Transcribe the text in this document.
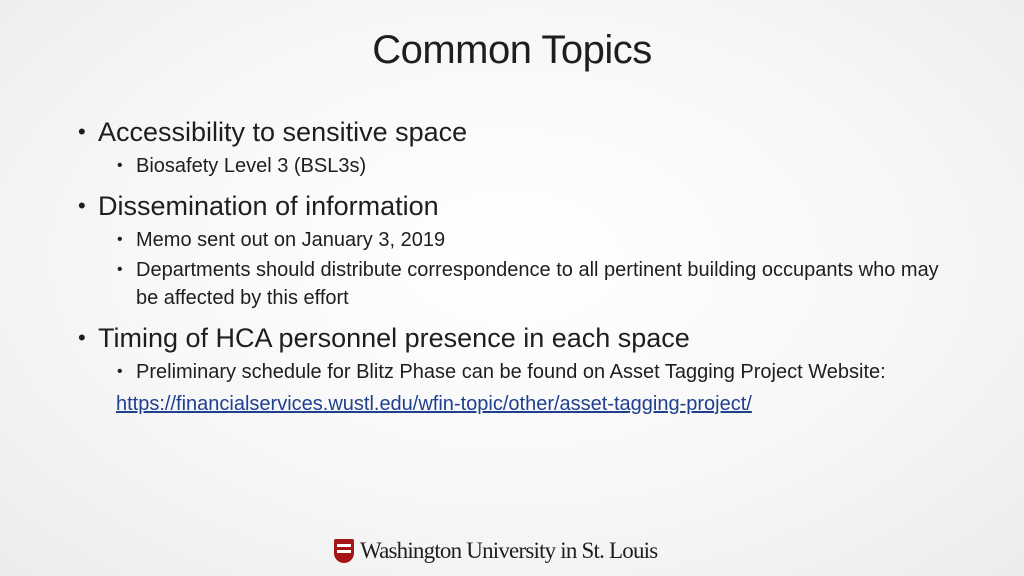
Common Topics
• Accessibility to sensitive space
• Biosafety Level 3 (BSL3s)
• Dissemination of information
• Memo sent out on January 3, 2019
• Departments should distribute correspondence to all pertinent building occupants who may be affected by this effort
• Timing of HCA personnel presence in each space
• Preliminary schedule for Blitz Phase can be found on Asset Tagging Project Website:
https://financialservices.wustl.edu/wfin-topic/other/asset-tagging-project/
Washington University in St. Louis
